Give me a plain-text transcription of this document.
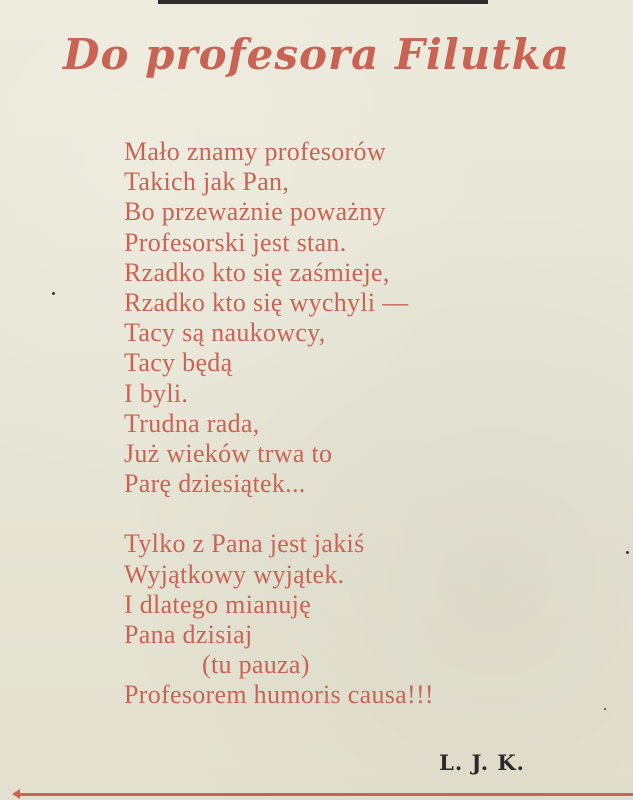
Do profesora Filutka
Mało znamy profesorów
Takich jak Pan,
Bo przeważnie poważny
Profesorski jest stan.
Rzadko kto się zaśmieje,
Rzadko kto się wychyli —
Tacy są naukowcy,
Tacy będą
I byli.
Trudna rada,
Już wieków trwa to
Parę dziesiątek...
Tylko z Pana jest jakiś
Wyjątkowy wyjątek.
I dlatego mianuję
Pana dzisiaj
(tu pauza)
Profesorem humoris causa!!!
L. J. K.
